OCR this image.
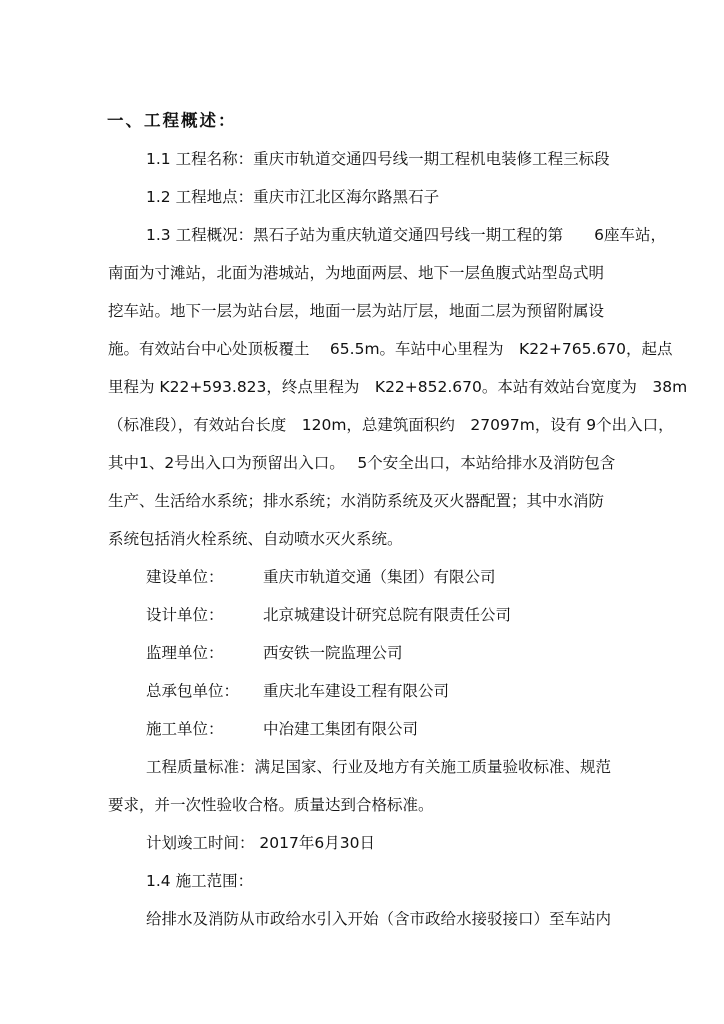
一、工程概述：
1.1 工程名称：重庆市轨道交通四号线一期工程机电装修工程三标段
1.2 工程地点：重庆市江北区海尔路黑石子
1.3 工程概况：黑石子站为重庆轨道交通四号线一期工程的第　　6座车站，
南面为寸滩站，北面为港城站，为地面两层、地下一层鱼腹式站型岛式明
挖车站。地下一层为站台层，地面一层为站厅层，地面二层为预留附属设
施。有效站台中心处顶板覆土　 65.5m。车站中心里程为　K22+765.670，起点
里程为 K22+593.823，终点里程为　K22+852.670。本站有效站台宽度为　38m
（标准段），有效站台长度　120m，总建筑面积约　27097m，设有 9个出入口，
其中1、2号出入口为预留出入口。　 5个安全出口，本站给排水及消防包含
生产、生活给水系统；排水系统；水消防系统及灭火器配置；其中水消防
系统包括消火栓系统、自动喷水灭火系统。
建设单位：	重庆市轨道交通（集团）有限公司
设计单位：	北京城建设计研究总院有限责任公司
监理单位：	西安铁一院监理公司
总承包单位： 重庆北车建设工程有限公司
施工单位：	中冶建工集团有限公司
工程质量标准：满足国家、行业及地方有关施工质量验收标准、规范
要求，并一次性验收合格。质量达到合格标准。
计划竣工时间： 2017年6月30日
1.4 施工范围：
给排水及消防从市政给水引入开始（含市政给水接驳接口）至车站内
